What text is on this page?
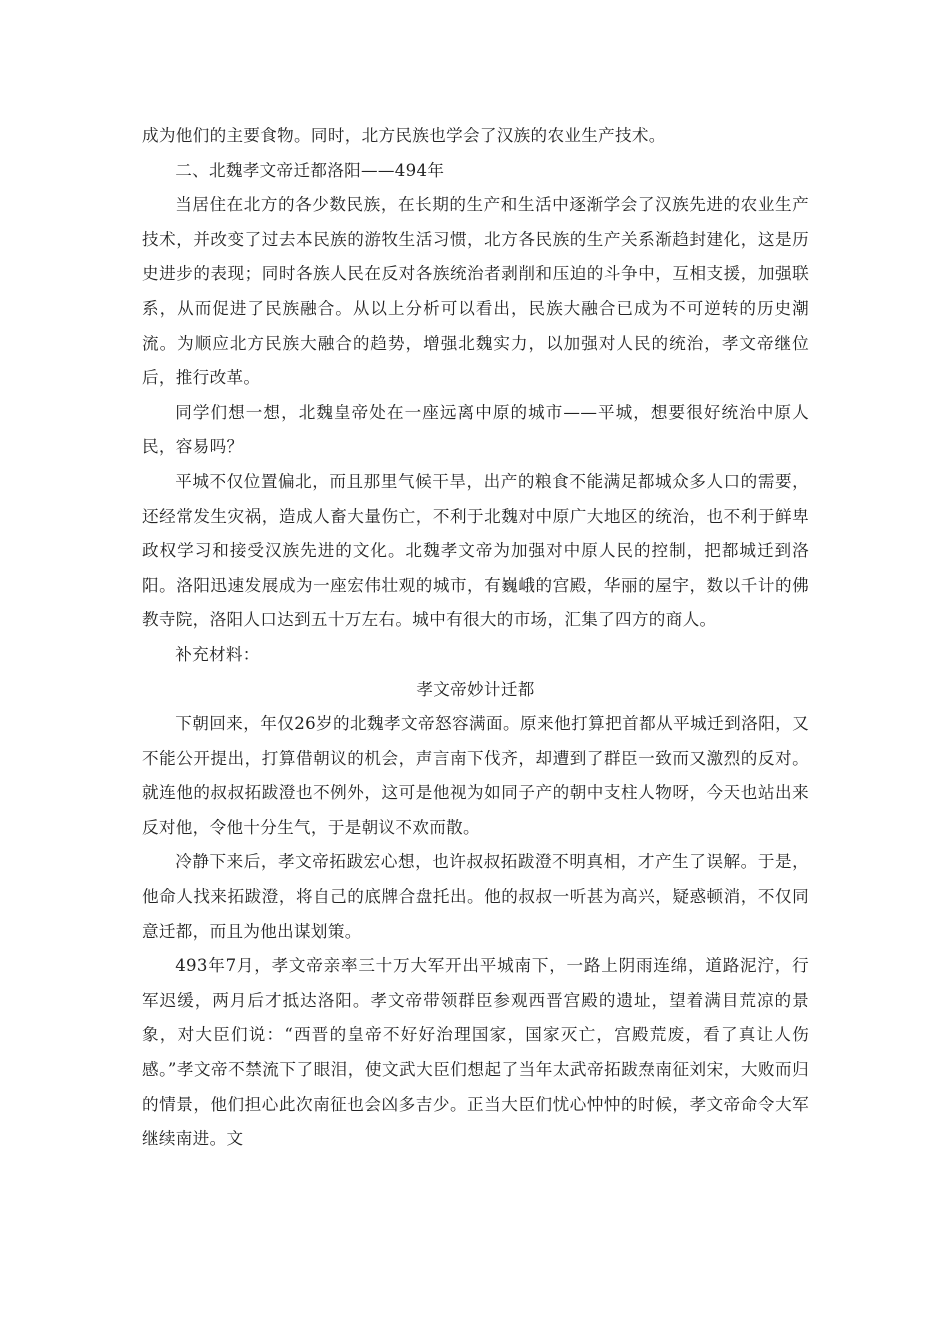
成为他们的主要食物。同时，北方民族也学会了汉族的农业生产技术。

二、北魏孝文帝迁都洛阳——494年

当居住在北方的各少数民族，在长期的生产和生活中逐渐学会了汉族先进的农业生产技术，并改变了过去本民族的游牧生活习惯，北方各民族的生产关系渐趋封建化，这是历史进步的表现；同时各族人民在反对各族统治者剥削和压迫的斗争中，互相支援，加强联系，从而促进了民族融合。从以上分析可以看出，民族大融合已成为不可逆转的历史潮流。为顺应北方民族大融合的趋势，增强北魏实力，以加强对人民的统治，孝文帝继位后，推行改革。

同学们想一想，北魏皇帝处在一座远离中原的城市——平城，想要很好统治中原人民，容易吗？

平城不仅位置偏北，而且那里气候干旱，出产的粮食不能满足都城众多人口的需要，还经常发生灾祸，造成人畜大量伤亡，不利于北魏对中原广大地区的统治，也不利于鲜卑政权学习和接受汉族先进的文化。北魏孝文帝为加强对中原人民的控制，把都城迁到洛阳。洛阳迅速发展成为一座宏伟壮观的城市，有巍峨的宫殿，华丽的屋宇，数以千计的佛教寺院，洛阳人口达到五十万左右。城中有很大的市场，汇集了四方的商人。

补充材料：

孝文帝妙计迁都

下朝回来，年仅26岁的北魏孝文帝怒容满面。原来他打算把首都从平城迁到洛阳，又不能公开提出，打算借朝议的机会，声言南下伐齐，却遭到了群臣一致而又激烈的反对。就连他的叔叔拓跋澄也不例外，这可是他视为如同子产的朝中支柱人物呀，今天也站出来反对他，令他十分生气，于是朝议不欢而散。

冷静下来后，孝文帝拓跋宏心想，也许叔叔拓跋澄不明真相，才产生了误解。于是，他命人找来拓跋澄，将自己的底牌合盘托出。他的叔叔一听甚为高兴，疑惑顿消，不仅同意迁都，而且为他出谋划策。

493年7月，孝文帝亲率三十万大军开出平城南下，一路上阴雨连绵，道路泥泞，行军迟缓，两月后才抵达洛阳。孝文帝带领群臣参观西晋宫殿的遗址，望着满目荒凉的景象，对大臣们说：“西晋的皇帝不好好治理国家，国家灭亡，宫殿荒废，看了真让人伤感。”孝文帝不禁流下了眼泪，使文武大臣们想起了当年太武帝拓跋焘南征刘宋，大败而归的情景，他们担心此次南征也会凶多吉少。正当大臣们忧心忡忡的时候，孝文帝命令大军继续南进。文
